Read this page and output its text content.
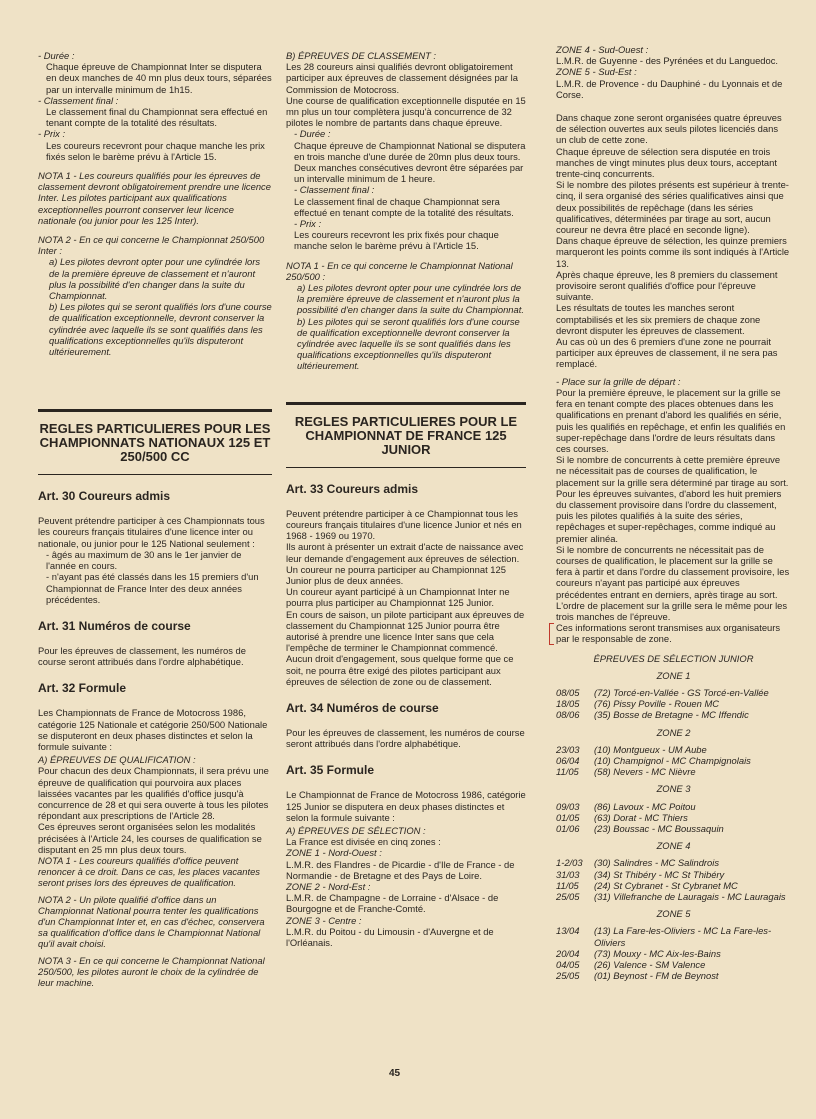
- Durée :

Chaque épreuve de Championnat Inter se disputera en deux manches de 40 mn plus deux tours, séparées par un intervalle minimum de 1h15.

- Classement final :

Le classement final du Championnat sera effectué en tenant compte de la totalité des résultats.

- Prix :

Les coureurs recevront pour chaque manche les prix fixés selon le barème prévu à l'Article 15.

NOTA 1 - Les coureurs qualifiés pour les épreuves de classement devront obligatoirement prendre une licence Inter. Les pilotes participant aux qualifications exceptionnelles pourront conserver leur licence nationale (ou junior pour les 125 Inter).

NOTA 2 - En ce qui concerne le Championnat 250/500 Inter :

a) Les pilotes devront opter pour une cylindrée lors de la première épreuve de classement et n'auront plus la possibilité d'en changer dans la suite du Championnat.

b) Les pilotes qui se seront qualifiés lors d'une course de qualification exceptionnelle, devront conserver la cylindrée avec laquelle ils se sont qualifiés dans les qualifications exceptionnelles qu'ils disputeront ultérieurement.

REGLES PARTICULIERES POUR LES CHAMPIONNATS NATIONAUX 125 ET 250/500 CC
Art. 30 Coureurs admis

Peuvent prétendre participer à ces Championnats tous les coureurs français titulaires d'une licence inter ou nationale, ou junior pour le 125 National seulement :

- âgés au maximum de 30 ans le 1er janvier de l'année en cours.

- n'ayant pas été classés dans les 15 premiers d'un Championnat de France Inter des deux années précédentes.

Art. 31 Numéros de course

Pour les épreuves de classement, les numéros de course seront attribués dans l'ordre alphabétique.

Art. 32 Formule

Les Championnats de France de Motocross 1986, catégorie 125 Nationale et catégorie 250/500 Nationale se disputeront en deux phases distinctes et selon la formule suivante :

A) ÉPREUVES DE QUALIFICATION :

Pour chacun des deux Championnats, il sera prévu une épreuve de qualification qui pourvoira aux places laissées vacantes par les qualifiés d'office jusqu'à concurrence de 28 et qui sera ouverte à tous les pilotes répondant aux prescriptions de l'Article 28.

Ces épreuves seront organisées selon les modalités précisées à l'Article 24, les courses de qualification se disputant en 25 mn plus deux tours.

NOTA 1 - Les coureurs qualifiés d'office peuvent renoncer à ce droit. Dans ce cas, les places vacantes seront prises lors des épreuves de qualification.

NOTA 2 - Un pilote qualifié d'office dans un Championnat National pourra tenter les qualifications d'un Championnat Inter et, en cas d'échec, conservera sa qualification d'office dans le Championnat National qu'il avait choisi.

NOTA 3 - En ce qui concerne le Championnat National 250/500, les pilotes auront le choix de la cylindrée de leur machine.

B) ÉPREUVES DE CLASSEMENT :

Les 28 coureurs ainsi qualifiés devront obligatoirement participer aux épreuves de classement désignées par la Commission de Motocross.

Une course de qualification exceptionnelle disputée en 15 mn plus un tour complètera jusqu'à concurrence de 32 pilotes le nombre de partants dans chaque épreuve.

- Durée :

Chaque épreuve de Championnat National se disputera en trois manche d'une durée de 20mn plus deux tours. Deux manches consécutives devront être séparées par un intervalle minimum de 1 heure.

- Classement final :

Le classement final de chaque Championnat sera effectué en tenant compte de la totalité des résultats.

- Prix :

Les coureurs recevront les prix fixés pour chaque manche selon le barème prévu à l'Article 15.

NOTA 1 - En ce qui concerne le Championnat National 250/500 :

a) Les pilotes devront opter pour une cylindrée lors de la première épreuve de classement et n'auront plus la possibilité d'en changer dans la suite du Championnat.

b) Les pilotes qui se seront qualifiés lors d'une course de qualification exceptionnelle devront conserver la cylindrée avec laquelle ils se sont qualifiés dans les qualifications exceptionnelles qu'ils disputeront ultérieurement.

REGLES PARTICULIERES POUR LE CHAMPIONNAT DE FRANCE 125 JUNIOR
Art. 33 Coureurs admis

Peuvent prétendre participer à ce Championnat tous les coureurs français titulaires d'une licence Junior et nés en 1968 - 1969 ou 1970.

Ils auront à présenter un extrait d'acte de naissance avec leur demande d'engagement aux épreuves de sélection.

Un coureur ne pourra participer au Championnat 125 Junior plus de deux années.

Un coureur ayant participé à un Championnat Inter ne pourra plus participer au Championnat 125 Junior.

En cours de saison, un pilote participant aux épreuves de classement du Championnat 125 Junior pourra être autorisé à prendre une licence Inter sans que cela l'empêche de terminer le Championnat commencé.

Aucun droit d'engagement, sous quelque forme que ce soit, ne pourra être exigé des pilotes participant aux épreuves de sélection de zone ou de classement.

Art. 34 Numéros de course

Pour les épreuves de classement, les numéros de course seront attribués dans l'ordre alphabétique.

Art. 35 Formule

Le Championnat de France de Motocross 1986, catégorie 125 Junior se disputera en deux phases distinctes et selon la formule suivante :

A) ÉPREUVES DE SÉLECTION :

La France est divisée en cinq zones :

ZONE 1 - Nord-Ouest :

L.M.R. des Flandres - de Picardie - d'Ile de France - de Normandie - de Bretagne et des Pays de Loire.

ZONE 2 - Nord-Est :

L.M.R. de Champagne - de Lorraine - d'Alsace - de Bourgogne et de Franche-Comté.

ZONE 3 - Centre :

L.M.R. du Poitou - du Limousin - d'Auvergne et de l'Orléanais.

ZONE 4 - Sud-Ouest :

L.M.R. de Guyenne - des Pyrénées et du Languedoc.

ZONE 5 - Sud-Est :

L.M.R. de Provence - du Dauphiné - du Lyonnais et de Corse.

Dans chaque zone seront organisées quatre épreuves de sélection ouvertes aux seuls pilotes licenciés dans un club de cette zone.

Chaque épreuve de sélection sera disputée en trois manches de vingt minutes plus deux tours, acceptant trente-cinq concurrents.

Si le nombre des pilotes présents est supérieur à trente-cinq, il sera organisé des séries qualificatives ainsi que deux possibilités de repêchage (dans les séries qualificatives, déterminées par tirage au sort, aucun coureur ne devra être placé en seconde ligne).

Dans chaque épreuve de sélection, les quinze premiers marqueront les points comme ils sont indiqués à l'Article 13.

Après chaque épreuve, les 8 premiers du classement provisoire seront qualifiés d'office pour l'épreuve suivante.

Les résultats de toutes les manches seront comptabilisés et les six premiers de chaque zone devront disputer les épreuves de classement.

Au cas où un des 6 premiers d'une zone ne pourrait participer aux épreuves de classement, il ne sera pas remplacé.

- Place sur la grille de départ :

Pour la première épreuve, le placement sur la grille se fera en tenant compte des places obtenues dans les qualifications en prenant d'abord les qualifiés en série, puis les qualifiés en repêchage, et enfin les qualifiés en super-repêchage dans l'ordre de leurs résultats dans ces courses.

Si le nombre de concurrents à cette première épreuve ne nécessitait pas de courses de qualification, le placement sur la grille sera déterminé par tirage au sort.

Pour les épreuves suivantes, d'abord les huit premiers du classement provisoire dans l'ordre du classement, puis les pilotes qualifiés à la suite des séries, repêchages et super-repêchages, comme indiqué au premier alinéa.

Si le nombre de concurrents ne nécessitait pas de courses de qualification, le placement sur la grille se fera à partir et dans l'ordre du classement provisoire, les coureurs n'ayant pas participé aux épreuves précédentes entrant en derniers, après tirage au sort.

L'ordre de placement sur la grille sera le même pour les trois manches de l'épreuve.

Ces informations seront transmises aux organisateurs par le responsable de zone.

ÉPREUVES DE SÉLECTION JUNIOR
ZONE 1
08/05	(72) Torcé-en-Vallée - GS Torcé-en-Vallée
18/05	(76) Pissy Poville - Rouen MC
08/06	(35) Bosse de Bretagne - MC Iffendic
ZONE 2
23/03	(10) Montgueux - UM Aube
06/04	(10) Champignol - MC Champignolais
11/05	(58) Nevers - MC Nièvre
ZONE 3
09/03	(86) Lavoux - MC Poitou
01/05	(63) Dorat - MC Thiers
01/06	(23) Boussac - MC Boussaquin
ZONE 4
1-2/03	(30) Salindres - MC Salindrois
31/03	(34) St Thibéry - MC St Thibéry
11/05	(24) St Cybranet - St Cybranet MC
25/05	(31) Villefranche de Lauragais - MC Lauragais
ZONE 5
13/04	(13) La Fare-les-Oliviers - MC La Fare-les-Oliviers
20/04	(73) Mouxy - MC Aix-les-Bains
04/05	(26) Valence - SM Valence
25/05	(01) Beynost - FM de Beynost
45
